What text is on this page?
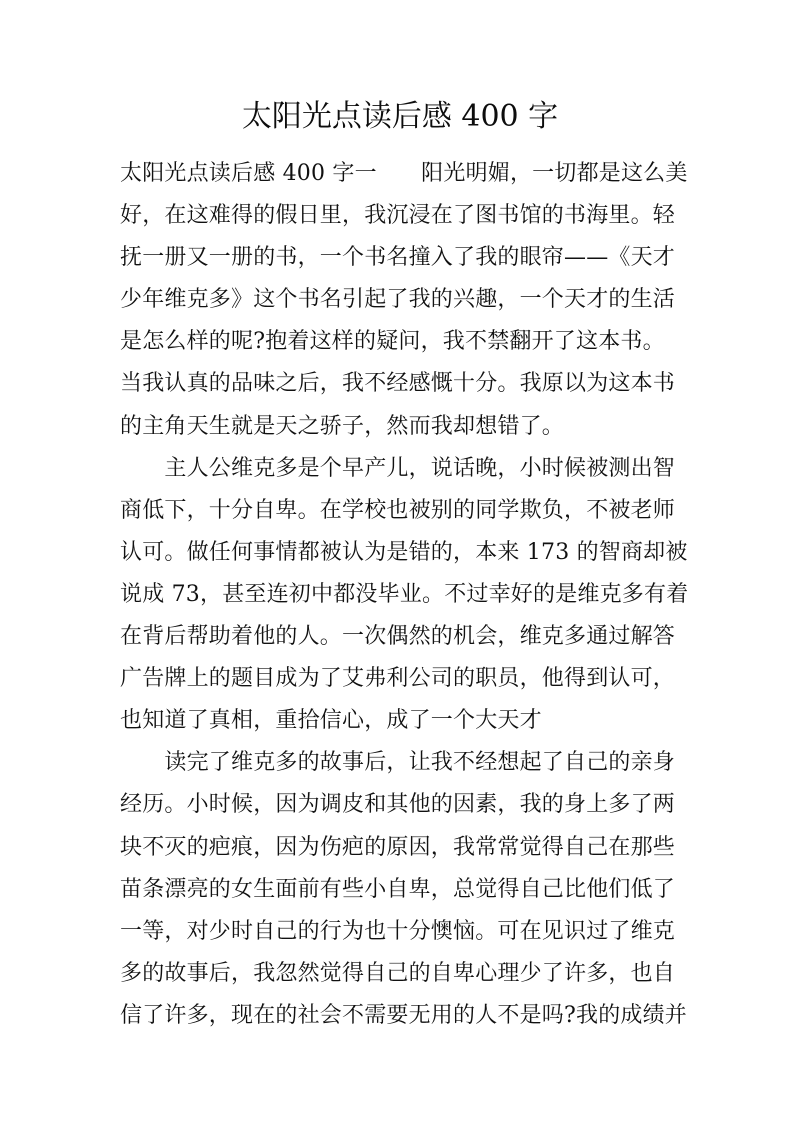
太阳光点读后感 400 字
太阳光点读后感 400 字一　　阳光明媚，一切都是这么美
好，在这难得的假日里，我沉浸在了图书馆的书海里。轻
抚一册又一册的书，一个书名撞入了我的眼帘——《天才
少年维克多》这个书名引起了我的兴趣，一个天才的生活
是怎么样的呢?抱着这样的疑问，我不禁翻开了这本书。
当我认真的品味之后，我不经感慨十分。我原以为这本书
的主角天生就是天之骄子，然而我却想错了。
　　主人公维克多是个早产儿，说话晚，小时候被测出智
商低下，十分自卑。在学校也被别的同学欺负，不被老师
认可。做任何事情都被认为是错的，本来 173 的智商却被
说成 73，甚至连初中都没毕业。不过幸好的是维克多有着
在背后帮助着他的人。一次偶然的机会，维克多通过解答
广告牌上的题目成为了艾弗利公司的职员，他得到认可，
也知道了真相，重拾信心，成了一个大天才
　　读完了维克多的故事后，让我不经想起了自己的亲身
经历。小时候，因为调皮和其他的因素，我的身上多了两
块不灭的疤痕，因为伤疤的原因，我常常觉得自己在那些
苗条漂亮的女生面前有些小自卑，总觉得自己比他们低了
一等，对少时自己的行为也十分懊恼。可在见识过了维克
多的故事后，我忽然觉得自己的自卑心理少了许多，也自
信了许多，现在的社会不需要无用的人不是吗?我的成绩并
